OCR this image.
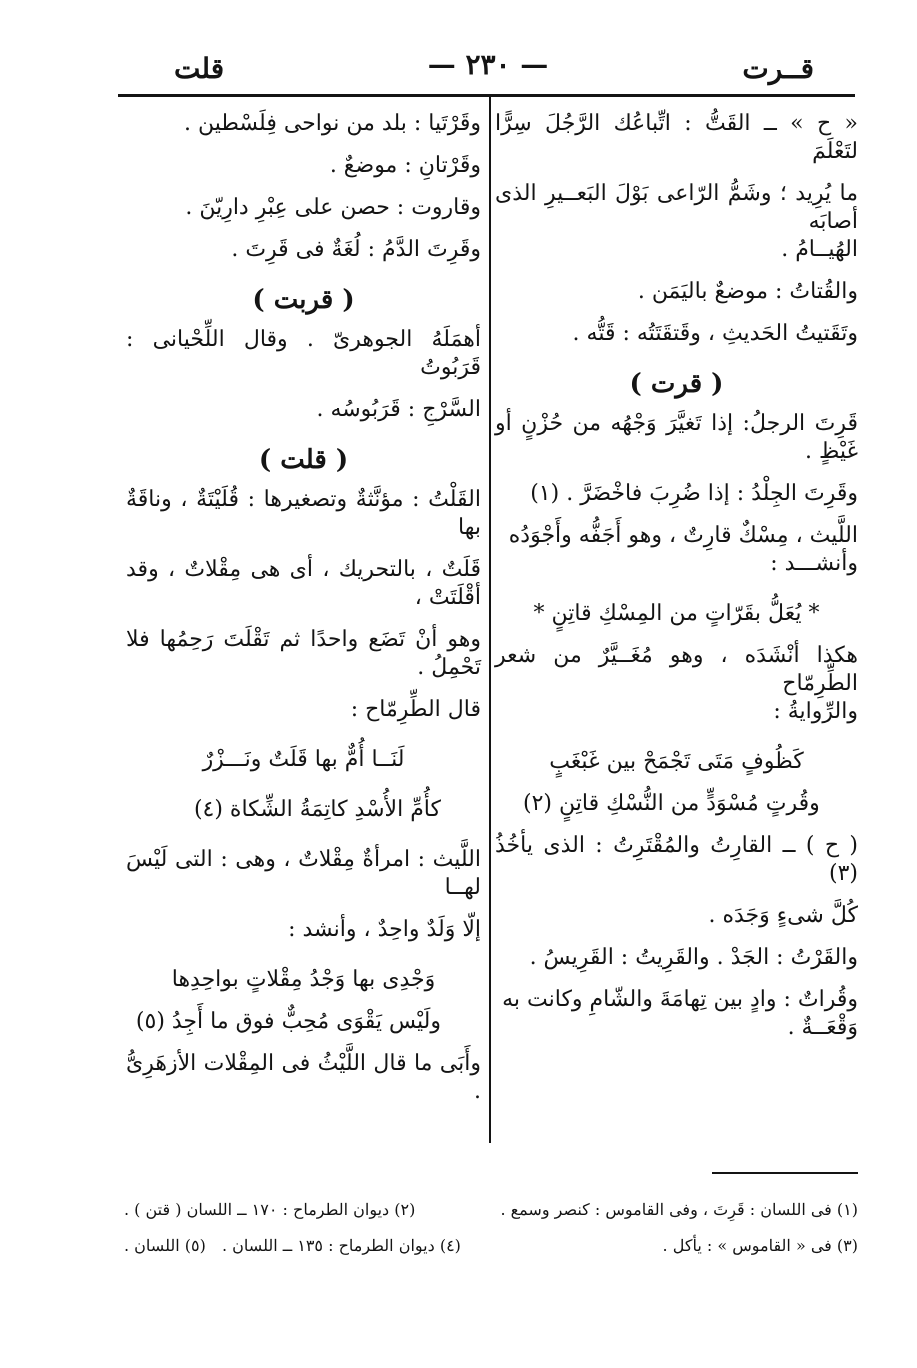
قلت	— ٢٣٠ —	قــرت

« ح » ــ القَتُّ : اتِّباعُك الرَّجُلَ سِرًّا لتَعْلَمَ

ما يُرِيد ؛ وشَمُّ الرّاعى بَوْلَ البَعــيرِ الذى أصابَه

الهُيــامُ .

والقُتاتُ : موضعٌ باليَمَن .

وتَقَتيتُ الحَديثِ ، وقَتقَتَتُه : قَتُّه .

( قرت )

قَرِتَ الرجلُ: إذا تَغيَّرَ وَجْهُه من حُزْنٍ أو غَيْظٍ .

وقَرِتَ الجِلْدُ : إذا ضُرِبَ فاخْضَرَّ . (١)

اللَّيث ، مِسْكٌ قارِتٌ ، وهو أَجَفُّه وأَجْوَدُه

وأنشـــد :

* يُعَلُّ بقَرّاتٍ من المِسْكِ قاتِنٍ *

هكذا أنْشَدَه ، وهو مُغَــيَّرٌ من شعر الطِّرِمّاح

والرِّوايةُ :

كَظُوفٍ مَتَى تَجْمَحْ بين غَبْغَبٍ

وقُرتٍ مُسْوَدٍّ من النُّسْكِ قاتِنٍ (٢)

( ح ) ــ القارِتُ والمُقْتَرِتُ : الذى يأخُذُ (٣)

كُلَّ شىءٍ وَجَدَه .

والقَرْتُ : الجَدْ . والقَرِيتُ : القَرِيسُ .

وقُراتٌ : وادٍ بين تِهامَةَ والشّامِ وكانت به

وَقْعَــةٌ .

وقَرْتَيا : بلد من نواحى فِلَسْطين .

وقَرْتانِ : موضعٌ .

وقاروت : حصن على عِبْرِ دارِيّنَ .

وقَرِتَ الدَّمُ : لُغَةٌ فى قَرِتَ .

( قربت )

أهمَلَهُ الجوهرىّ . وقال اللِّحْيانى : قَرَبُوتُ

السَّرْجِ : قَرَبُوسُه .

( قلت )

القَلْتُ : مؤنَّثةٌ وتصغيرها : قُلَيْتَةٌ ، وناقَةٌ بها

قَلَتٌ ، بالتحريك ، أى هى مِقْلاتٌ ، وقد أقْلَتَتْ ،

وهو أنْ تَضَع واحدًا ثم تَقْلَتَ رَحِمُها فلا تَحْمِلُ .

قال الطِّرِمّاح :

لَنَــا أُمٌّ بها قَلَتٌ ونَـــزْرٌ

كأُمِّ الأُسْدِ كاتِمَةُ الشِّكاة (٤)

اللَّيث : امرأةٌ مِقْلاتٌ ، وهى : التى لَيْسَ لهــا

إلّا وَلَدٌ واحِدٌ ، وأنشد :

وَجْدِى بها وَجْدُ مِقْلاتٍ بواحِدِها

ولَيْس يَقْوَى مُحِبٌّ فوق ما أَجِدُ (٥)

وأَبَى ما قال اللَّيْثُ فى المِقْلات الأزهَرِىُّ .

(١) فى اللسان : قَرِتَ ، وفى القاموس : كنصر وسمع .
(٢) ديوان الطرماح : ١٧٠ ــ اللسان ( قتن ) .
(٣) فى « القاموس » : يأكل .
(٤) ديوان الطرماح : ١٣٥ ــ اللسان .
(٥) اللسان .
